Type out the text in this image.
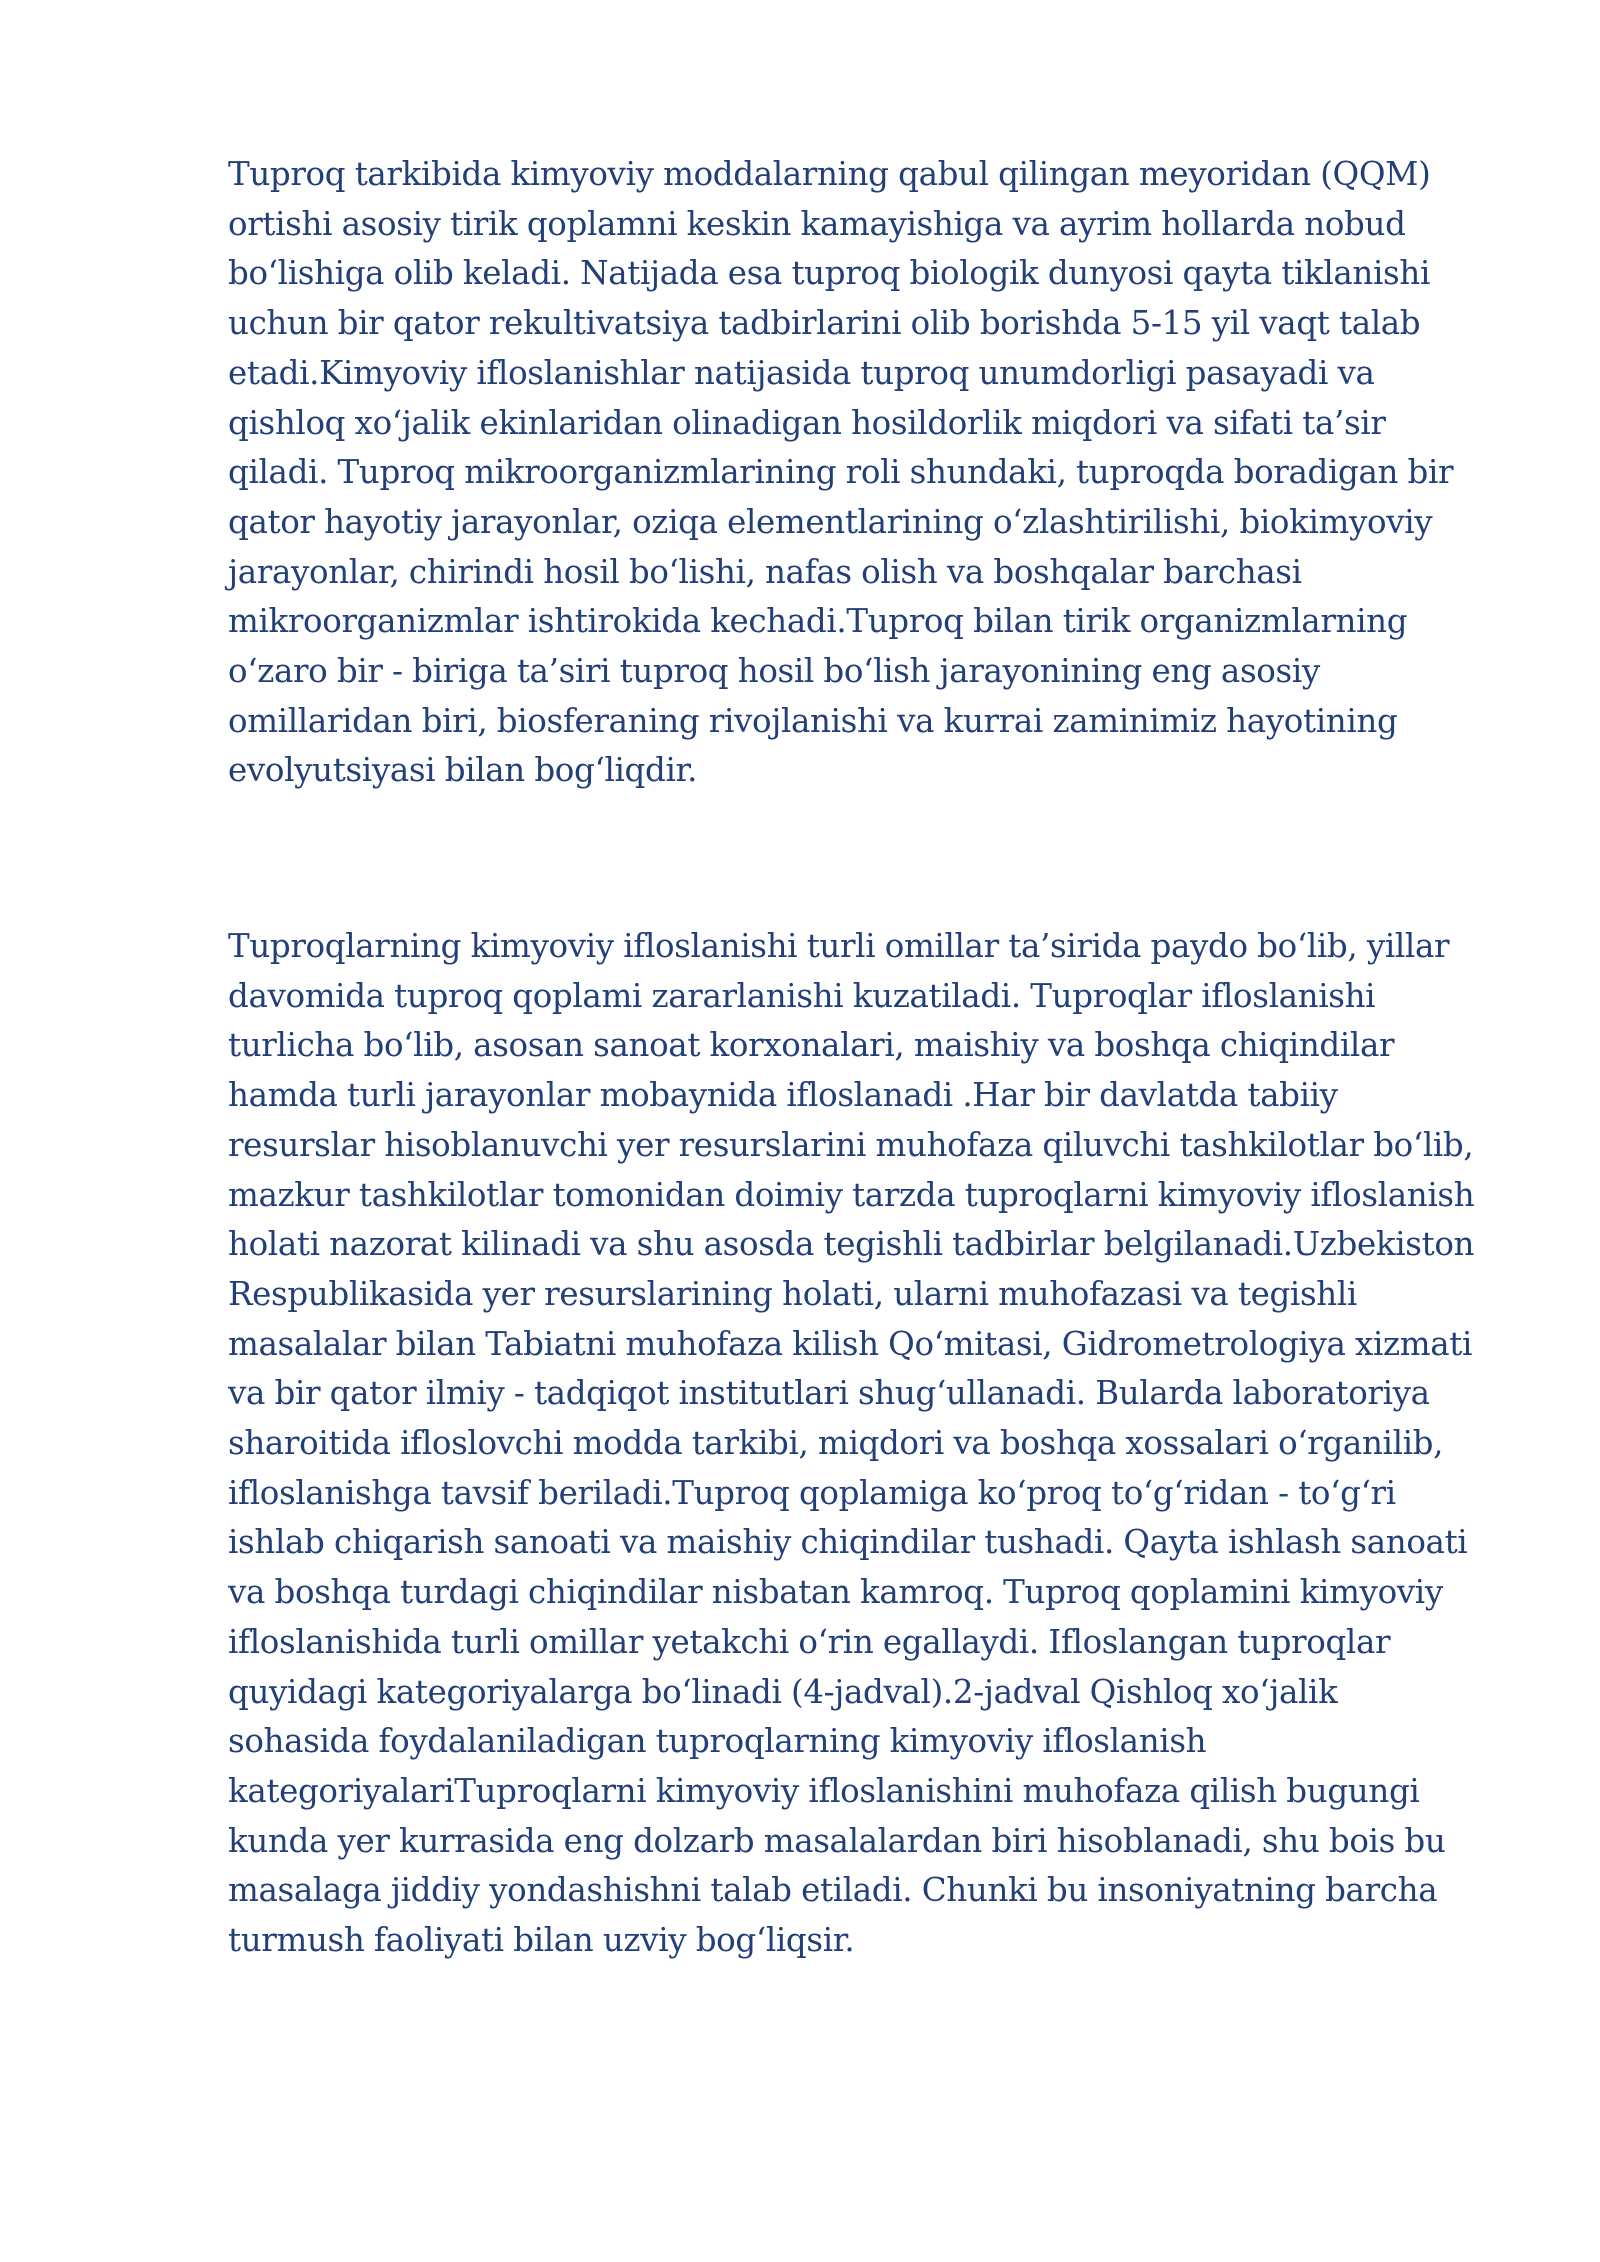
Tuproq tarkibida kimyoviy moddalarning qabul qilingan meyoridan (QQM) ortishi asosiy tirik qoplamni keskin kamayishiga va ayrim hollarda nobud bo‘lishiga olib keladi. Natijada esa tuproq biologik dunyosi qayta tiklanishi uchun bir qator rekultivatsiya tadbirlarini olib borishda 5-15 yil vaqt talab etadi.Kimyoviy ifloslanishlar natijasida tuproq unumdorligi pasayadi va qishloq xo‘jalik ekinlaridan olinadigan hosildorlik miqdori va sifati ta’sir qiladi. Tuproq mikroorganizmlarining roli shundaki, tuproqda boradigan bir qator hayotiy jarayonlar, oziqa elementlarining o‘zlashtirilishi, biokimyoviy jarayonlar, chirindi hosil bo‘lishi, nafas olish va boshqalar barchasi mikroorganizmlar ishtirokida kechadi.Tuproq bilan tirik organizmlarning o‘zaro bir - biriga ta’siri tuproq hosil bo‘lish jarayonining eng asosiy omillaridan biri, biosferaning rivojlanishi va kurrai zaminimiz hayotining evolyutsiyasi bilan bog‘liqdir.

Tuproqlarning kimyoviy ifloslanishi turli omillar ta’sirida paydo bo‘lib, yillar davomida tuproq qoplami zararlanishi kuzatiladi. Tuproqlar ifloslanishi turlicha bo‘lib, asosan sanoat korxonalari, maishiy va boshqa chiqindilar hamda turli jarayonlar mobaynida ifloslanadi .Har bir davlatda tabiiy resurslar hisoblanuvchi yer resurslarini muhofaza qiluvchi tashkilotlar bo‘lib, mazkur tashkilotlar tomonidan doimiy tarzda tuproqlarni kimyoviy ifloslanish holati nazorat kilinadi va shu asosda tegishli tadbirlar belgilanadi.Uzbekiston Respublikasida yer resurslarining holati, ularni muhofazasi va tegishli masalalar bilan Tabiatni muhofaza kilish Qo‘mitasi, Gidrometrologiya xizmati va bir qator ilmiy - tadqiqot institutlari shug‘ullanadi. Bularda laboratoriya sharoitida ifloslovchi modda tarkibi, miqdori va boshqa xossalari o‘rganilib, ifloslanishga tavsif beriladi.Tuproq qoplamiga ko‘proq to‘g‘ridan - to‘g‘ri ishlab chiqarish sanoati va maishiy chiqindilar tushadi. Qayta ishlash sanoati va boshqa turdagi chiqindilar nisbatan kamroq. Tuproq qoplamini kimyoviy ifloslanishida turli omillar yetakchi o‘rin egallaydi. Ifloslangan tuproqlar quyidagi kategoriyalarga bo‘linadi (4-jadval).2-jadval Qishloq xo‘jalik sohasida foydalaniladigan tuproqlarning kimyoviy ifloslanish kategoriyalariTuproqlarni kimyoviy ifloslanishini muhofaza qilish bugungi kunda yer kurrasida eng dolzarb masalalardan biri hisoblanadi, shu bois bu masalaga jiddiy yondashishni talab etiladi. Chunki bu insoniyatning barcha turmush faoliyati bilan uzviy bog‘liqsir.
